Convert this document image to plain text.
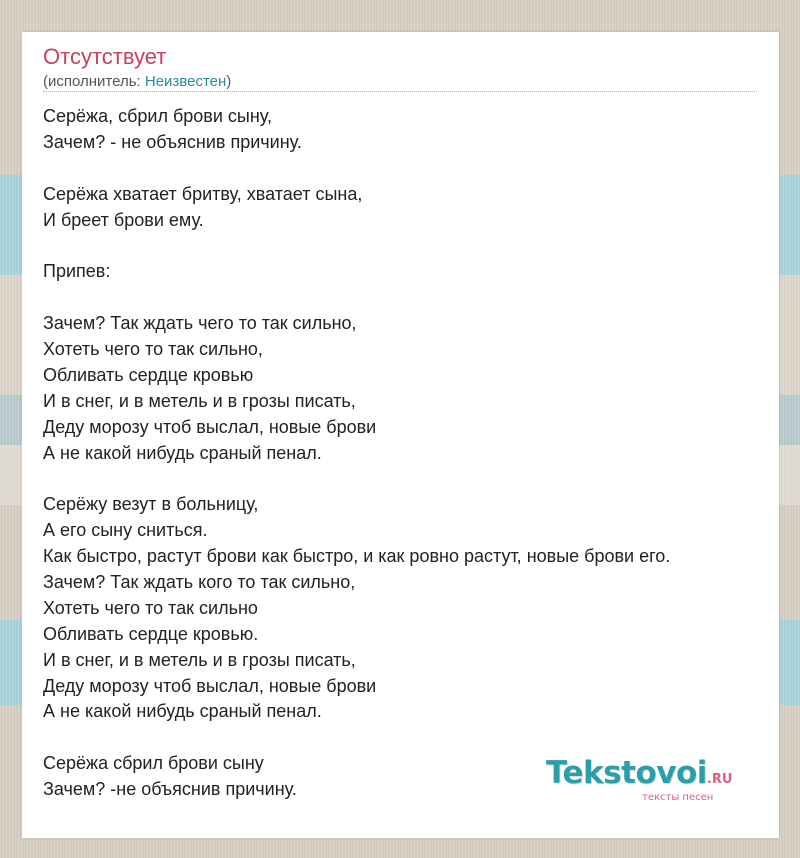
Отсутствует
(исполнитель: Неизвестен)
Серёжа, сбрил брови сыну,
Зачем? - не объяснив причину.
Серёжа хватает бритву, хватает сына,
И бреет брови ему.
Припев:
Зачем? Так ждать чего то так сильно,
Хотеть чего то так сильно,
Обливать сердце кровью
И в снег, и в метель и в грозы писать,
Деду морозу чтоб выслал, новые брови
А не какой нибудь сраный пенал.
Серёжу везут в больницу,
А его сыну сниться.
Как быстро, растут брови как быстро, и как ровно растут, новые брови его.
Зачем? Так ждать кого то так сильно,
Хотеть чего то так сильно
Обливать сердце кровью.
И в снег, и в метель и в грозы писать,
Деду морозу чтоб выслал, новые брови
А не какой нибудь сраный пенал.
Серёжа сбрил брови сыну
Зачем? -не объяснив причину.	Tekstovoi.RU
тексты песен
